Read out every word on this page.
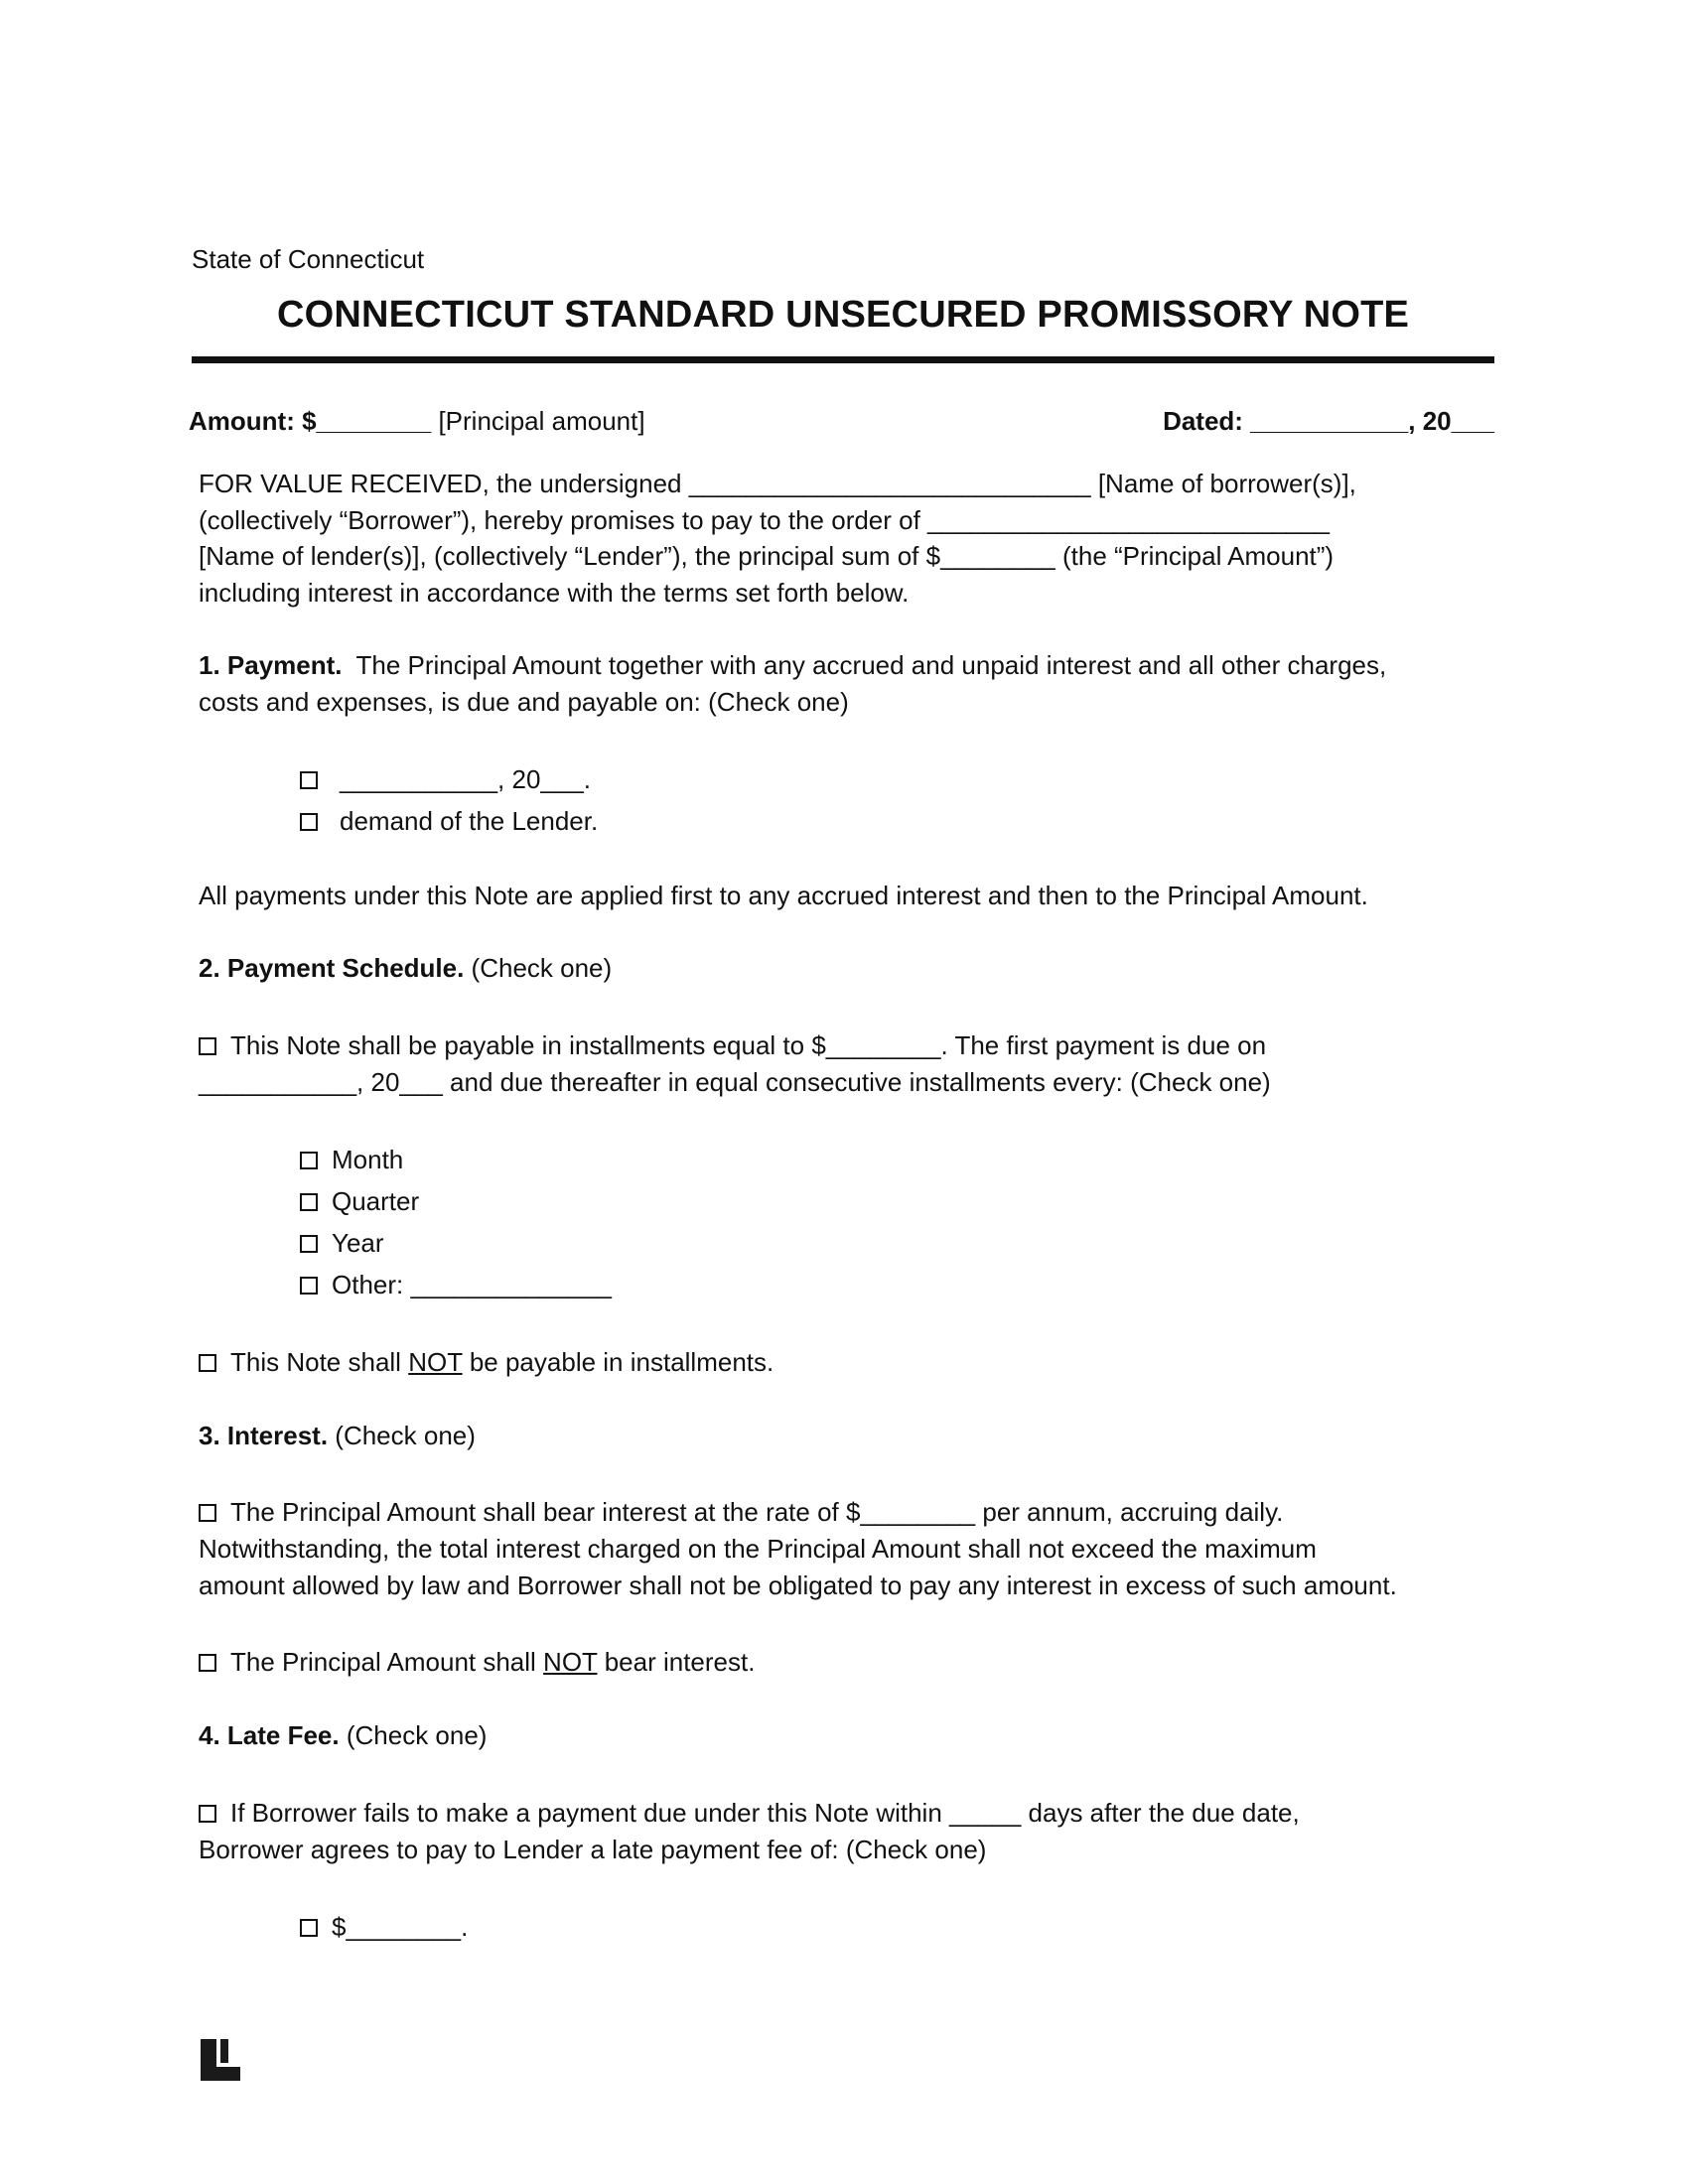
State of Connecticut
CONNECTICUT STANDARD UNSECURED PROMISSORY NOTE
Amount: $________ [Principal amount]	Dated: ___________, 20___
FOR VALUE RECEIVED, the undersigned ____________________________ [Name of borrower(s)],
(collectively “Borrower”), hereby promises to pay to the order of ____________________________
[Name of lender(s)], (collectively “Lender”), the principal sum of $________ (the “Principal Amount”)
including interest in accordance with the terms set forth below.
1. Payment.  The Principal Amount together with any accrued and unpaid interest and all other charges,
costs and expenses, is due and payable on: (Check one)
___________, 20___.
demand of the Lender.
All payments under this Note are applied first to any accrued interest and then to the Principal Amount.
2. Payment Schedule. (Check one)
This Note shall be payable in installments equal to $________. The first payment is due on
___________, 20___ and due thereafter in equal consecutive installments every: (Check one)
Month
Quarter
Year
Other: ______________
This Note shall NOT be payable in installments.
3. Interest. (Check one)
The Principal Amount shall bear interest at the rate of $________ per annum, accruing daily.
Notwithstanding, the total interest charged on the Principal Amount shall not exceed the maximum
amount allowed by law and Borrower shall not be obligated to pay any interest in excess of such amount.
The Principal Amount shall NOT bear interest.
4. Late Fee. (Check one)
If Borrower fails to make a payment due under this Note within _____ days after the due date,
Borrower agrees to pay to Lender a late payment fee of: (Check one)
$________.
